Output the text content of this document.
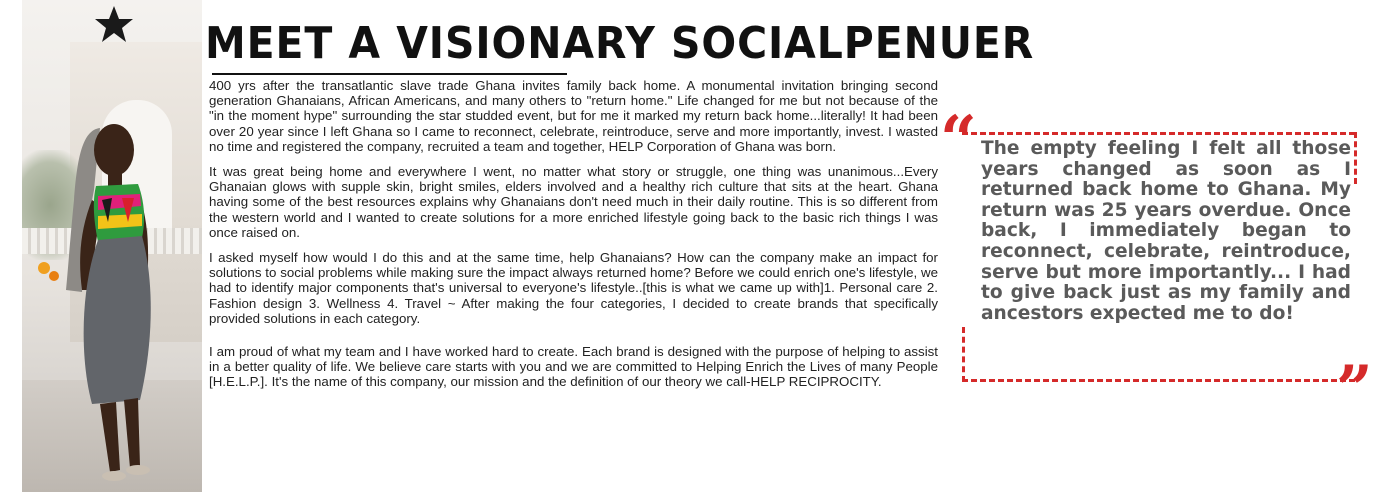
MEET A VISIONARY SOCIALPENUER

400 yrs after the transatlantic slave trade Ghana invites family back home. A monumental invitation bringing second generation Ghanaians, African Americans, and many others to "return home." Life changed for me but not because of the "in the moment hype" surrounding the star studded event, but for me it marked my return back home...literally! It had been over 20 year since I left Ghana so I came to reconnect, celebrate, reintroduce, serve and more importantly, invest. I wasted no time and registered the company, recruited a team and together, HELP Corporation of Ghana was born.

It was great being home and everywhere I went, no matter what story or struggle, one thing was unanimous...Every Ghanaian glows with supple skin, bright smiles, elders involved and a healthy rich culture that sits at the heart. Ghana having some of the best resources explains why Ghanaians don't need much in their daily routine. This is so different from the western world and I wanted to create solutions for a more enriched lifestyle going back to the basic rich things I was once raised on.

I asked myself how would I do this and at the same time, help Ghanaians? How can the company make an impact for solutions to social problems while making sure the impact always returned home? Before we could enrich one's lifestyle, we had to identify major components that's universal to everyone's lifestyle..[this is what we came up with]1. Personal care 2. Fashion design 3. Wellness 4. Travel ~ After making the four categories, I decided to create brands that specifically provided solutions in each category.

I am proud of what my team and I have worked hard to create. Each brand is designed with the purpose of helping to assist in a better quality of life. We believe care starts with you and we are committed to Helping Enrich the Lives of many People [H.E.L.P.]. It's the name of this company, our mission and the definition of our theory we call-HELP RECIPROCITY.

“ The empty feeling I felt all those years changed as soon as I returned back home to Ghana. My return was 25 years overdue. Once back, I immediately began to reconnect, celebrate, reintroduce, serve but more importantly... I had to give back just as my family and ancestors expected me to do!

”
